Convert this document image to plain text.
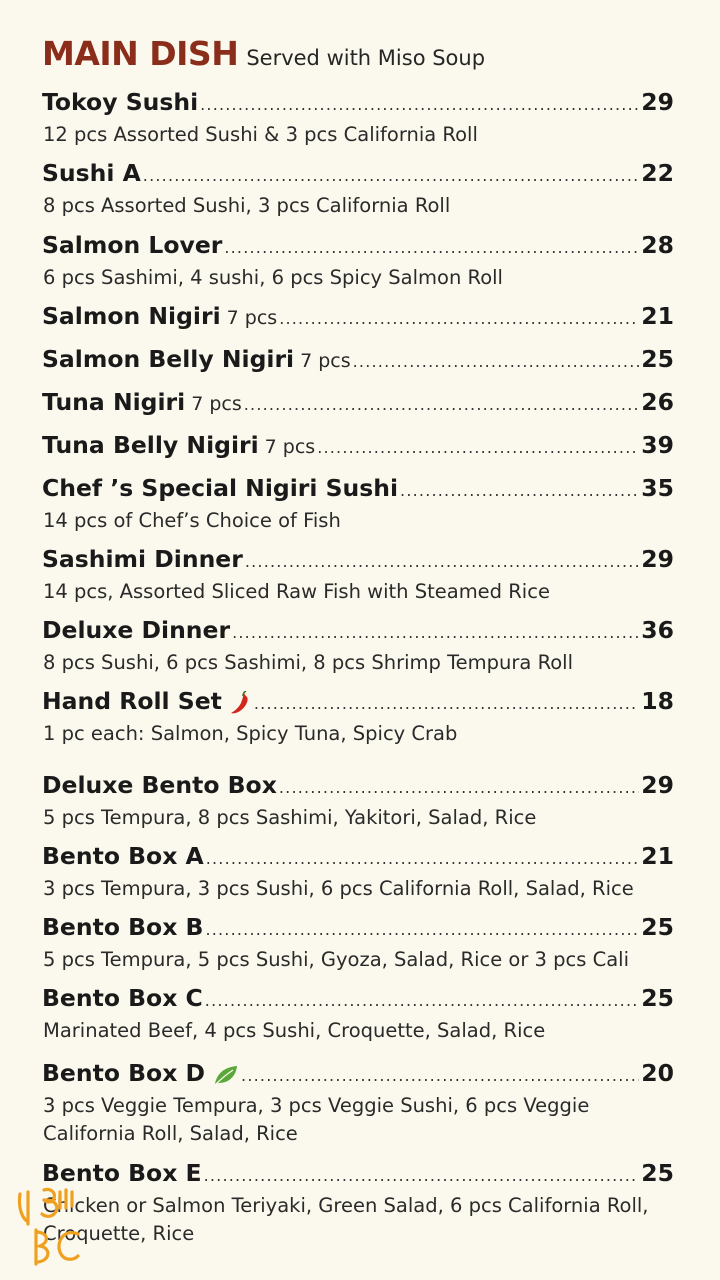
MAIN DISH Served with Miso Soup
Tokoy Sushi .....	29
12 pcs Assorted Sushi & 3 pcs California Roll
Sushi A .....	22
8 pcs Assorted Sushi, 3 pcs California Roll
Salmon Lover .....	28
6 pcs Sashimi, 4 sushi, 6 pcs Spicy Salmon Roll
Salmon Nigiri 7 pcs .....	21
Salmon Belly Nigiri 7 pcs .....	25
Tuna Nigiri 7 pcs .....	26
Tuna Belly Nigiri 7 pcs .....	39
Chef ’s Special Nigiri Sushi .....	35
14 pcs of Chef’s Choice of Fish
Sashimi Dinner .....	29
14 pcs, Assorted Sliced Raw Fish with Steamed Rice
Deluxe Dinner .....	36
8 pcs Sushi, 6 pcs Sashimi, 8 pcs Shrimp Tempura Roll
Hand Roll Set .....	18
1 pc each: Salmon, Spicy Tuna, Spicy Crab
Deluxe Bento Box .....	29
5 pcs Tempura, 8 pcs Sashimi, Yakitori, Salad, Rice
Bento Box A .....	21
3 pcs Tempura, 3 pcs Sushi, 6 pcs California Roll, Salad, Rice
Bento Box B .....	25
5 pcs Tempura, 5 pcs Sushi, Gyoza, Salad, Rice or 3 pcs Cali
Bento Box C .....	25
Marinated Beef, 4 pcs Sushi, Croquette, Salad, Rice
Bento Box D .....	20
3 pcs Veggie Tempura, 3 pcs Veggie Sushi, 6 pcs Veggie California Roll, Salad, Rice
Bento Box E .....	25
Chicken or Salmon Teriyaki, Green Salad, 6 pcs California Roll, Croquette, Rice
